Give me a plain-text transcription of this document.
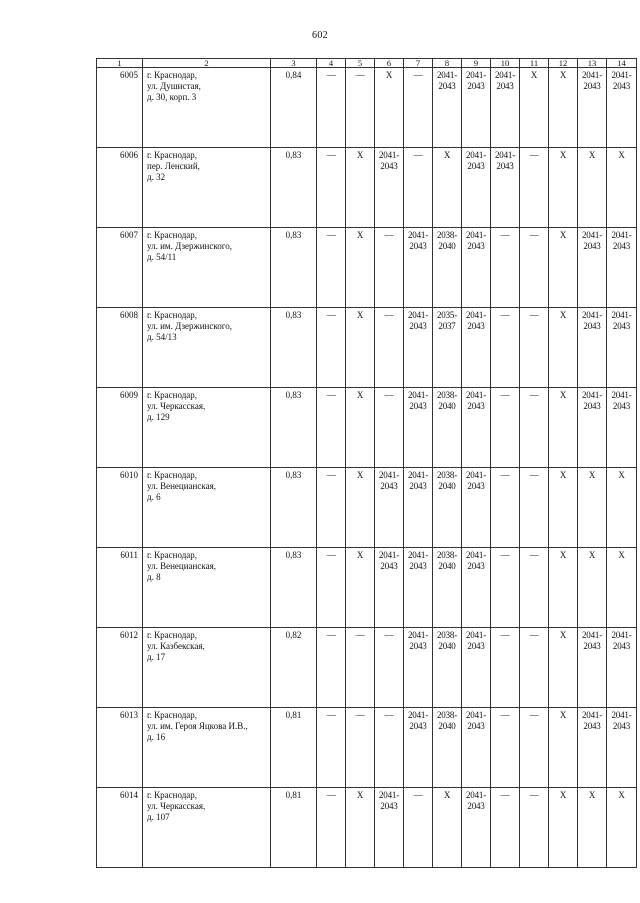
602
1	2	3	4	5	6	7	8	9	10	11	12	13	14
6005	г. Краснодар,
ул. Душистая,
д. 30, корп. 3	0,84	—	—	Х	—	2041-
2043	2041-
2043	2041-
2043	Х	Х	2041-
2043	2041-
2043
6006	г. Краснодар,
пер. Ленский,
д. 32	0,83	—	Х	2041-
2043	—	Х	2041-
2043	2041-
2043	—	Х	Х	Х
6007	г. Краснодар,
ул. им. Дзержинского,
д. 54/11	0,83	—	Х	—	2041-
2043	2038-
2040	2041-
2043	—	—	Х	2041-
2043	2041-
2043
6008	г. Краснодар,
ул. им. Дзержинского,
д. 54/13	0,83	—	Х	—	2041-
2043	2035-
2037	2041-
2043	—	—	Х	2041-
2043	2041-
2043
6009	г. Краснодар,
ул. Черкасская,
д. 129	0,83	—	Х	—	2041-
2043	2038-
2040	2041-
2043	—	—	Х	2041-
2043	2041-
2043
6010	г. Краснодар,
ул. Венецианская,
д. 6	0,83	—	Х	2041-
2043	2041-
2043	2038-
2040	2041-
2043	—	—	Х	Х	Х
6011	г. Краснодар,
ул. Венецианская,
д. 8	0,83	—	Х	2041-
2043	2041-
2043	2038-
2040	2041-
2043	—	—	Х	Х	Х
6012	г. Краснодар,
ул. Казбекская,
д. 17	0,82	—	—	—	2041-
2043	2038-
2040	2041-
2043	—	—	Х	2041-
2043	2041-
2043
6013	г. Краснодар,
ул. им. Героя Яцкова И.В.,
д. 16	0,81	—	—	—	2041-
2043	2038-
2040	2041-
2043	—	—	Х	2041-
2043	2041-
2043
6014	г. Краснодар,
ул. Черкасская,
д. 107	0,81	—	Х	2041-
2043	—	Х	2041-
2043	—	—	Х	Х	Х
